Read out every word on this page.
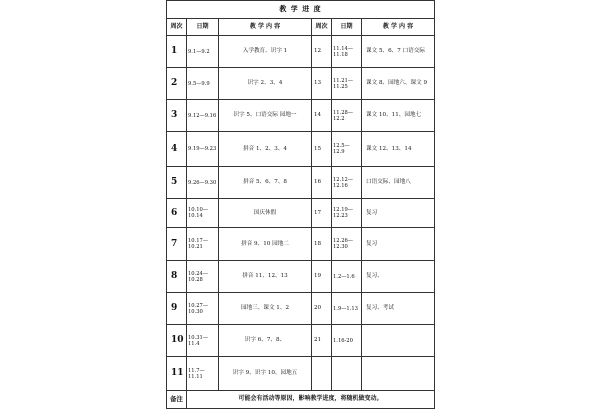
教 学 进 度					
周次	日期	教 学 内 容	周次	日期	教 学 内 容
1	9.1—9.2	入学教育、识字 1	12	11.14—11.18	课文 5、6、7 口语交际
2	9.5—9.9	识字 2、3、4	13	11.21—11.25	课文 8、园地六、课文 9
3	9.12—9.16	识字 5、口语交际 园地一	14	11.28—12.2	课文 10、11、园地七
4	9.19—9.23	拼音 1、2、3、4	15	12.5—12.9	课文 12、13、14
5	9.26—9.30	拼音 5、6、7、8	16	12.12—12.16	口语交际、园地八
6	10.10—10.14	国庆休假	17	12.19—12.23	复习
7	10.17—10.21	拼音 9、10 园地二	18	12.26—12.30	复习
8	10.24—10.28	拼音 11、12、13	19	1.2—1.6	复习、
9	10.27—10.30	园地三、课文 1、2	20	1.9—1.13	复习、考试
10	10.31—11.4	识字 6、7、8、	21	1.16-20	
11	11.7—11.11	识字 9、识字 10、园地五			
备注	可能会有活动等原因，影响教学进度，将随机做变动。				
